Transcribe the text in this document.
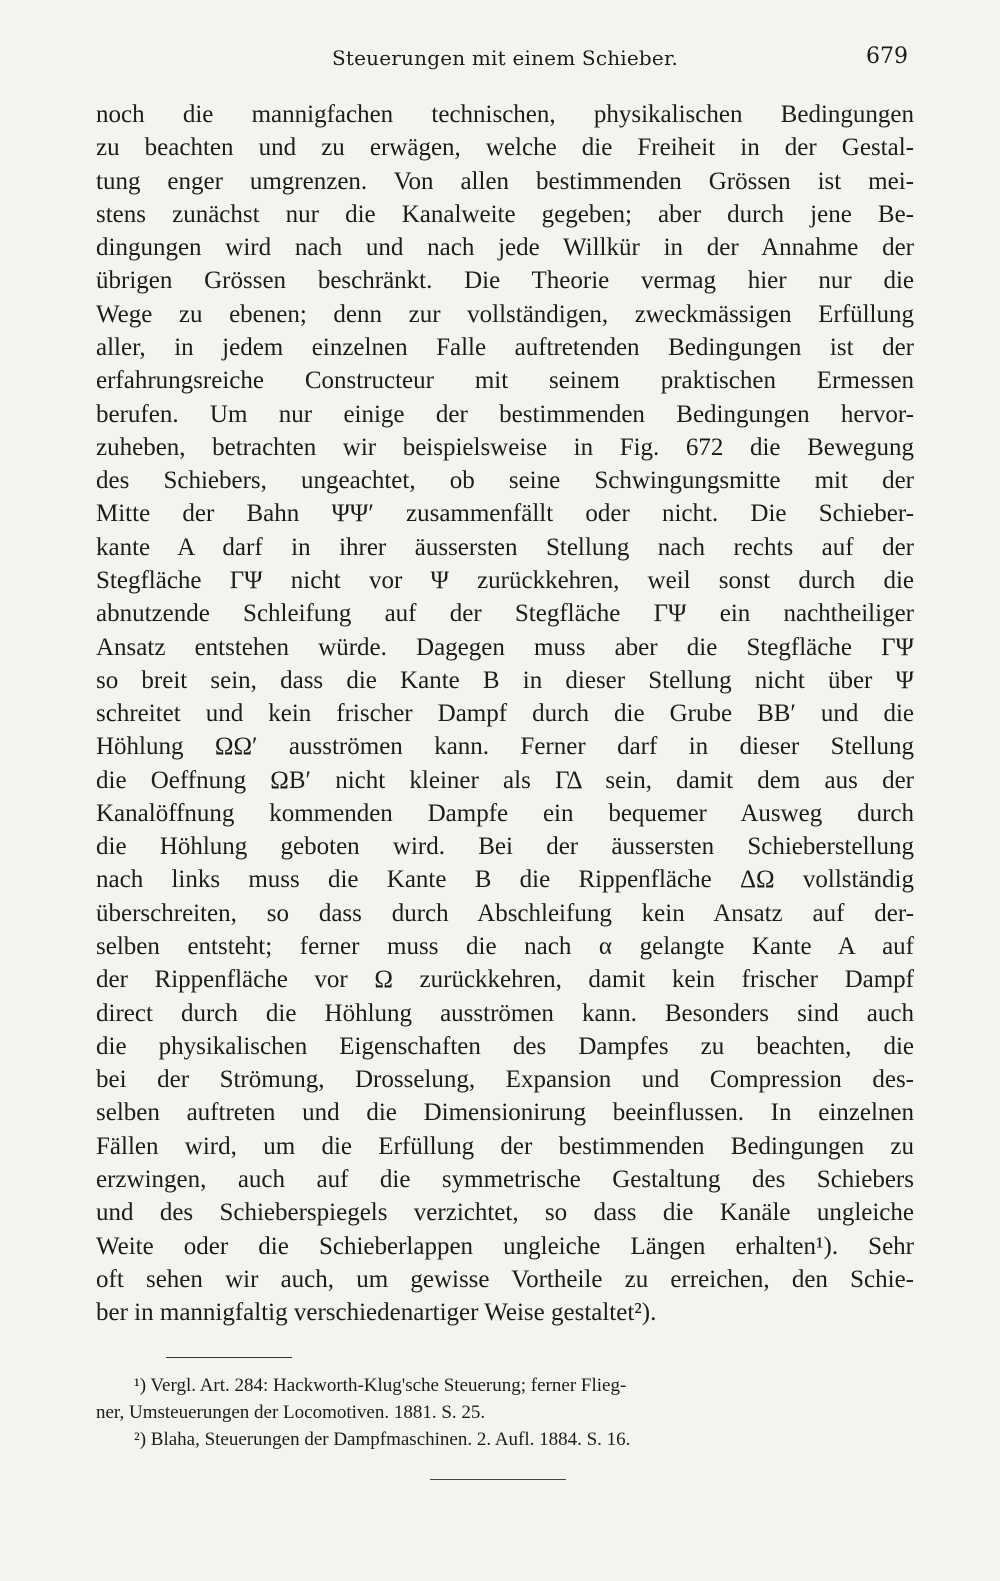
Steuerungen mit einem Schieber.	679
noch die mannigfachen technischen, physikalischen Bedingungen
zu beachten und zu erwägen, welche die Freiheit in der Gestal-
tung enger umgrenzen. Von allen bestimmenden Grössen ist mei-
stens zunächst nur die Kanalweite gegeben; aber durch jene Be-
dingungen wird nach und nach jede Willkür in der Annahme der
übrigen Grössen beschränkt. Die Theorie vermag hier nur die
Wege zu ebenen; denn zur vollständigen, zweckmässigen Erfüllung
aller, in jedem einzelnen Falle auftretenden Bedingungen ist der
erfahrungsreiche Constructeur mit seinem praktischen Ermessen
berufen. Um nur einige der bestimmenden Bedingungen hervor-
zuheben, betrachten wir beispielsweise in Fig. 672 die Bewegung
des Schiebers, ungeachtet, ob seine Schwingungsmitte mit der
Mitte der Bahn ΨΨ′ zusammenfällt oder nicht. Die Schieber-
kante A darf in ihrer äussersten Stellung nach rechts auf der
Stegfläche ΓΨ nicht vor Ψ zurückkehren, weil sonst durch die
abnutzende Schleifung auf der Stegfläche ΓΨ ein nachtheiliger
Ansatz entstehen würde. Dagegen muss aber die Stegfläche ΓΨ
so breit sein, dass die Kante B in dieser Stellung nicht über Ψ
schreitet und kein frischer Dampf durch die Grube BB′ und die
Höhlung ΩΩ′ ausströmen kann. Ferner darf in dieser Stellung
die Oeffnung ΩB′ nicht kleiner als ΓΔ sein, damit dem aus der
Kanalöffnung kommenden Dampfe ein bequemer Ausweg durch
die Höhlung geboten wird. Bei der äussersten Schieberstellung
nach links muss die Kante B die Rippenfläche ΔΩ vollständig
überschreiten, so dass durch Abschleifung kein Ansatz auf der-
selben entsteht; ferner muss die nach α gelangte Kante A auf
der Rippenfläche vor Ω zurückkehren, damit kein frischer Dampf
direct durch die Höhlung ausströmen kann. Besonders sind auch
die physikalischen Eigenschaften des Dampfes zu beachten, die
bei der Strömung, Drosselung, Expansion und Compression des-
selben auftreten und die Dimensionirung beeinflussen. In einzelnen
Fällen wird, um die Erfüllung der bestimmenden Bedingungen zu
erzwingen, auch auf die symmetrische Gestaltung des Schiebers
und des Schieberspiegels verzichtet, so dass die Kanäle ungleiche
Weite oder die Schieberlappen ungleiche Längen erhalten¹). Sehr
oft sehen wir auch, um gewisse Vortheile zu erreichen, den Schie-
ber in mannigfaltig verschiedenartiger Weise gestaltet²).
¹) Vergl. Art. 284: Hackworth-Klug'sche Steuerung; ferner Flieg-
ner, Umsteuerungen der Locomotiven. 1881. S. 25.
²) Blaha, Steuerungen der Dampfmaschinen. 2. Aufl. 1884. S. 16.
